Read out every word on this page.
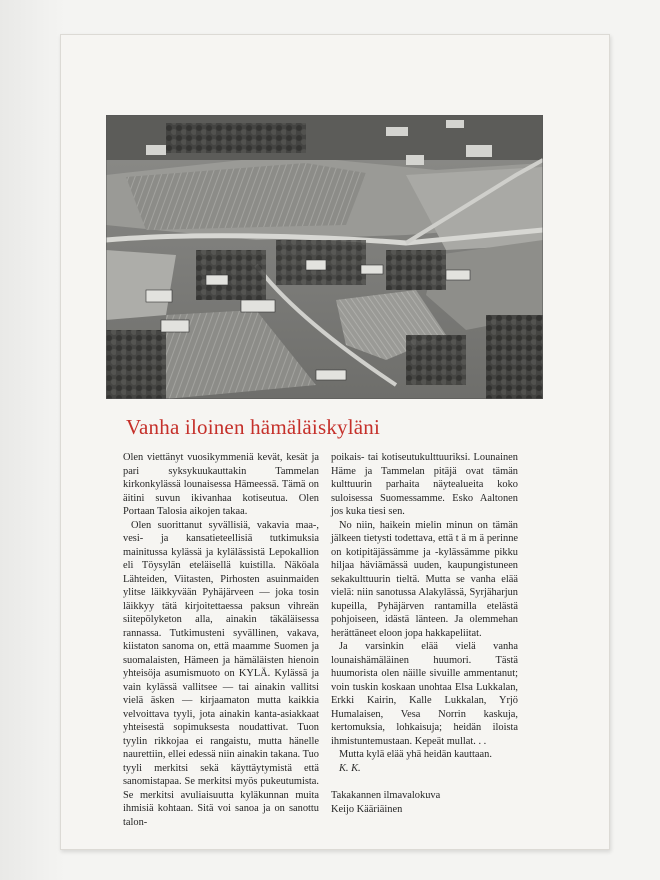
Vanha iloinen hämäläiskyläni

Olen viettänyt vuosikymmeniä kevät, kesät ja pari syksykuukauttakin Tammelan kirkonkylässä lounaisessa Hämeessä. Tämä on äitini suvun ikivanhaa kotiseutua. Olen Portaan Talosia aikojen takaa.

Olen suorittanut syvällisiä, vakavia maa-, vesi- ja kansatieteellisiä tutkimuksia mainitussa kylässä ja kylälässistä Lepokallion eli Töysylän eteläisellä kuistilla. Näköala Lähteiden, Viitasten, Pirhosten asuinmaiden ylitse läikkyvään Pyhäjärveen — joka tosin läikkyy tätä kirjoitettaessa paksun vihreän siitepölyketon alla, ainakin täkäläisessa rannassa. Tutkimusteni syvällinen, vakava, kiistaton sanoma on, että maamme Suomen ja suomalaisten, Hämeen ja hämäläisten hienoin yhteisöja asumismuoto on KYLÄ. Kylässä ja vain kylässä vallitsee — tai ainakin vallitsi vielä äsken — kirjaamaton mutta kaikkia velvoittava tyyli, jota ainakin kanta-asiakkaat yhteisestä sopimuksesta noudattivat. Tuon tyylin rikkojaa ei rangaistu, mutta hänelle naurettiin, ellei edessä niin ainakin takana. Tuo tyyli merkitsi sekä käyttäytymistä että sanomistapaa. Se merkitsi myös pukeutumista. Se merkitsi avuliaisuutta kyläkunnan muita ihmisiä kohtaan. Sitä voi sanoa ja on sanottu talon-

poikais- tai kotiseutukulttuuriksi. Lounainen Häme ja Tammelan pitäjä ovat tämän kulttuurin parhaita näytealueita koko suloisessa Suomessamme. Esko Aaltonen jos kuka tiesi sen.

No niin, haikein mielin minun on tämän jälkeen tietysti todettava, että t ä m ä perinne on kotipitäjässämme ja -kylässämme pikku hiljaa häviämässä uuden, kaupungistuneen sekakulttuurin tieltä. Mutta se vanha elää vielä: niin sanotussa Alakylässä, Syrjäharjun kupeilla, Pyhäjärven rantamilla etelästä pohjoiseen, idästä länteen. Ja olemmehan herättäneet eloon jopa hakkapeliitat.

Ja varsinkin elää vielä vanha lounaishämäläinen huumori. Tästä huumorista olen näille sivuille ammentanut; voin tuskin koskaan unohtaa Elsa Lukkalan, Erkki Kairin, Kalle Lukkalan, Yrjö Humalaisen, Vesa Norrin kaskuja, kertomuksia, lohkaisuja; heidän iloista ihmistuntemustaan. Kepeät mullat. . .

Mutta kylä elää yhä heidän kauttaan.

K. K.

Takakannen ilmavalokuva

Keijo Kääriäinen
